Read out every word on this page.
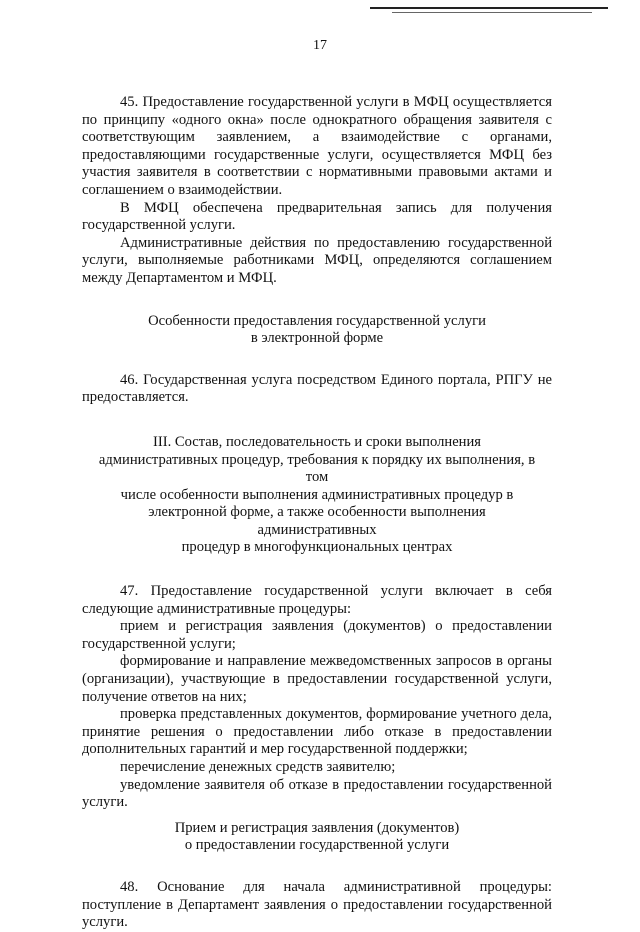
17

45. Предоставление государственной услуги в МФЦ осуществляется по принципу «одного окна» после однократного обращения заявителя с соответствующим заявлением, а взаимодействие с органами, предоставляющими государственные услуги, осуществляется МФЦ без участия заявителя в соответствии с нормативными правовыми актами и соглашением о взаимодействии.

В МФЦ обеспечена предварительная запись для получения государственной услуги.

Административные действия по предоставлению государственной услуги, выполняемые работниками МФЦ, определяются соглашением между Департаментом и МФЦ.

Особенности предоставления государственной услуги
в электронной форме

46. Государственная услуга посредством Единого портала, РПГУ не предоставляется.

III. Состав, последовательность и сроки выполнения
административных процедур, требования к порядку их выполнения, в том
числе особенности выполнения административных процедур в
электронной форме, а также особенности выполнения административных
процедур в многофункциональных центрах

47. Предоставление государственной услуги включает в себя следующие административные процедуры:

прием и регистрация заявления (документов) о предоставлении государственной услуги;

формирование и направление межведомственных запросов в органы (организации), участвующие в предоставлении государственной услуги, получение ответов на них;

проверка представленных документов, формирование учетного дела, принятие решения о предоставлении либо отказе в предоставлении дополнительных гарантий и мер государственной поддержки;

перечисление денежных средств заявителю;

уведомление заявителя об отказе в предоставлении государственной услуги.

Прием и регистрация заявления (документов)
о предоставлении государственной услуги

48. Основание для начала административной процедуры: поступление в Департамент заявления о предоставлении государственной услуги.
